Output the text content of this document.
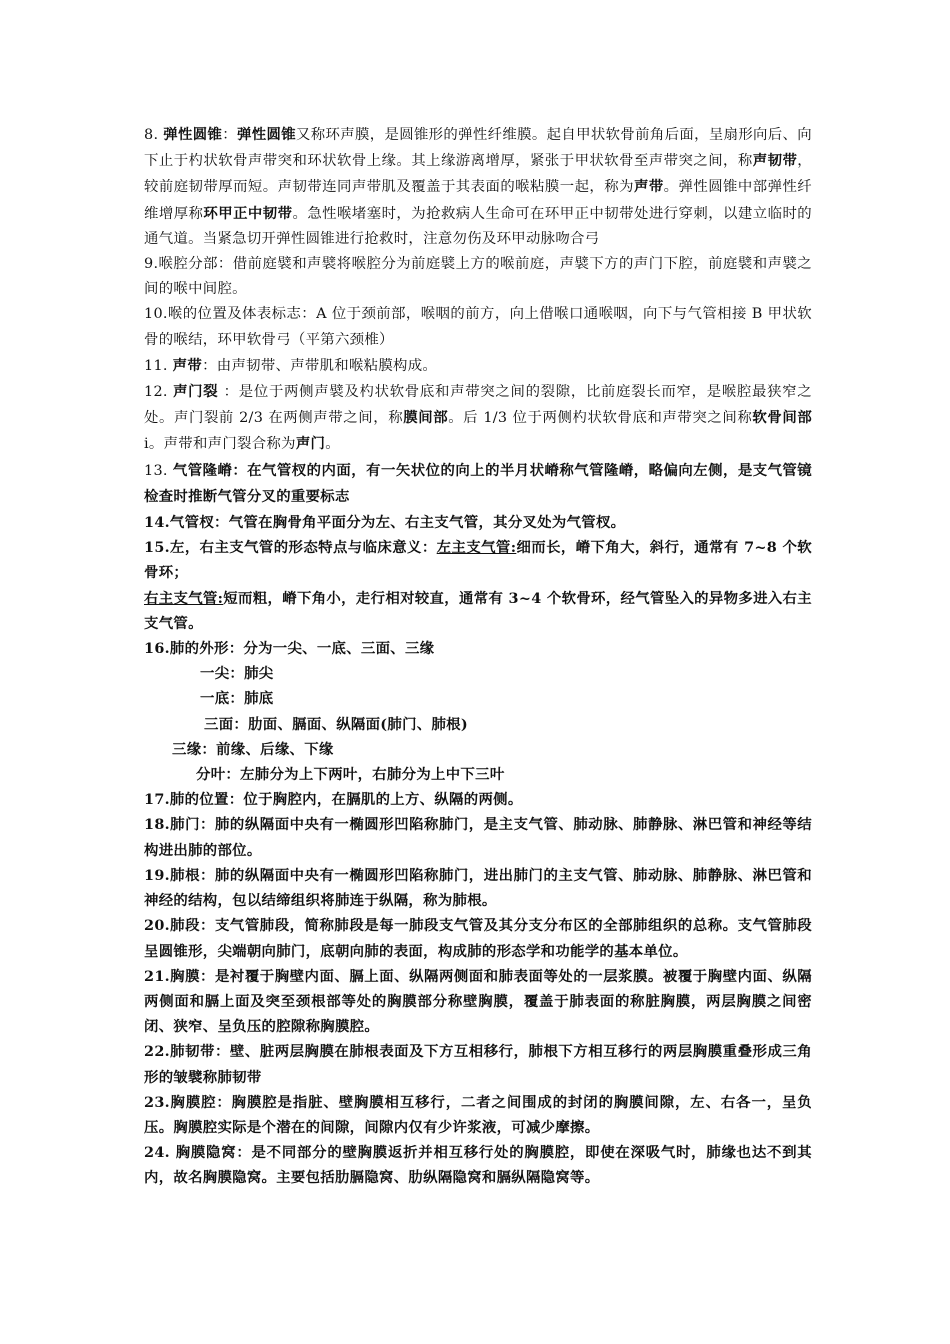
8. 弹性圆锥：弹性圆锥又称环声膜，是圆锥形的弹性纤维膜。起自甲状软骨前角后面，呈扇形向后、向下止于杓状软骨声带突和环状软骨上缘。其上缘游离增厚，紧张于甲状软骨至声带突之间，称声韧带，较前庭韧带厚而短。声韧带连同声带肌及覆盖于其表面的喉粘膜一起，称为声带。弹性圆锥中部弹性纤维增厚称环甲正中韧带。急性喉堵塞时，为抢救病人生命可在环甲正中韧带处进行穿刺，以建立临时的通气道。当紧急切开弹性圆锥进行抢救时，注意勿伤及环甲动脉吻合弓

9.喉腔分部：借前庭襞和声襞将喉腔分为前庭襞上方的喉前庭，声襞下方的声门下腔，前庭襞和声襞之间的喉中间腔。

10.喉的位置及体表标志：A 位于颈前部，喉咽的前方，向上借喉口通喉咽，向下与气管相接 B 甲状软骨的喉结，环甲软骨弓（平第六颈椎）

11. 声带：由声韧带、声带肌和喉粘膜构成。

12. 声门裂 ：是位于两侧声襞及杓状软骨底和声带突之间的裂隙，比前庭裂长而窄，是喉腔最狭窄之处。声门裂前 2/3 在两侧声带之间，称膜间部。后 1/3 位于两侧杓状软骨底和声带突之间称软骨间部 i。声带和声门裂合称为声门。

13. 气管隆嵴：在气管杈的内面，有一矢状位的向上的半月状嵴称气管隆嵴，略偏向左侧，是支气管镜检查时推断气管分叉的重要标志

14.气管杈：气管在胸骨角平面分为左、右主支气管，其分叉处为气管杈。

15.左，右主支气管的形态特点与临床意义：左主支气管:细而长，嵴下角大，斜行，通常有 7~8 个软骨环；

右主支气管:短而粗，嵴下角小，走行相对较直，通常有 3~4 个软骨环，经气管坠入的异物多进入右主支气管。

16.肺的外形：分为一尖、一底、三面、三缘

一尖：肺尖

一底：肺底

三面：肋面、膈面、纵隔面(肺门、肺根)

三缘：前缘、后缘、下缘

分叶：左肺分为上下两叶，右肺分为上中下三叶

17.肺的位置：位于胸腔内，在膈肌的上方、纵隔的两侧。

18.肺门：肺的纵隔面中央有一椭圆形凹陷称肺门，是主支气管、肺动脉、肺静脉、淋巴管和神经等结构进出肺的部位。

19.肺根：肺的纵隔面中央有一椭圆形凹陷称肺门，进出肺门的主支气管、肺动脉、肺静脉、淋巴管和神经的结构，包以结缔组织将肺连于纵隔，称为肺根。

20.肺段：支气管肺段，简称肺段是每一肺段支气管及其分支分布区的全部肺组织的总称。支气管肺段呈圆锥形，尖端朝向肺门，底朝向肺的表面，构成肺的形态学和功能学的基本单位。

21.胸膜：是衬覆于胸壁内面、膈上面、纵隔两侧面和肺表面等处的一层浆膜。被覆于胸壁内面、纵隔两侧面和膈上面及突至颈根部等处的胸膜部分称壁胸膜，覆盖于肺表面的称脏胸膜，两层胸膜之间密闭、狭窄、呈负压的腔隙称胸膜腔。

22.肺韧带：壁、脏两层胸膜在肺根表面及下方互相移行，肺根下方相互移行的两层胸膜重叠形成三角形的皱襞称肺韧带

23.胸膜腔：胸膜腔是指脏、壁胸膜相互移行，二者之间围成的封闭的胸膜间隙，左、右各一，呈负压。胸膜腔实际是个潜在的间隙，间隙内仅有少许浆液，可减少摩擦。

24. 胸膜隐窝：是不同部分的壁胸膜返折并相互移行处的胸膜腔，即使在深吸气时，肺缘也达不到其内，故名胸膜隐窝。主要包括肋膈隐窝、肋纵隔隐窝和膈纵隔隐窝等。
